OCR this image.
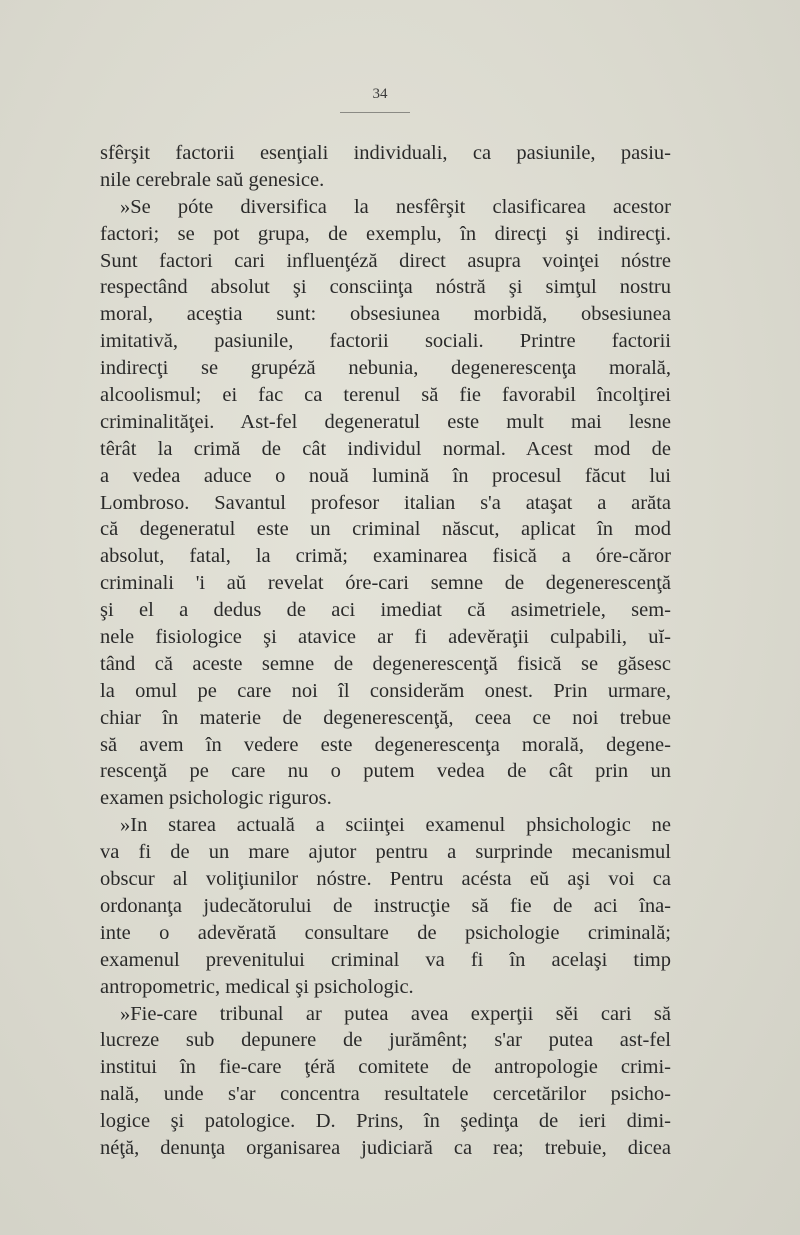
34
sfêrşit factorii esenţiali individuali, ca pasiunile, pasiu-
nile cerebrale saŭ genesice.
»Se póte diversifica la nesfêrşit clasificarea acestor
factori; se pot grupa, de exemplu, în direcţi şi indirecţi.
Sunt factori cari influenţéză direct asupra voinţei nóstre
respectând absolut şi consciinţa nóstră şi simţul nostru
moral, aceştia sunt: obsesiunea morbidă, obsesiunea
imitativă, pasiunile, factorii sociali. Printre factorii
indirecţi se grupéză nebunia, degenerescenţa morală,
alcoolismul; ei fac ca terenul să fie favorabil încolţirei
criminalităţei. Ast-fel degeneratul este mult mai lesne
têrât la crimă de cât individul normal. Acest mod de
a vedea aduce o nouă lumină în procesul făcut lui
Lombroso. Savantul profesor italian s'a ataşat a arăta
că degeneratul este un criminal născut, aplicat în mod
absolut, fatal, la crimă; examinarea fisică a óre-căror
criminali 'i aŭ revelat óre-cari semne de degenerescenţă
şi el a dedus de aci imediat că asimetriele, sem-
nele fisiologice şi atavice ar fi adevĕraţii culpabili, uĭ-
tând că aceste semne de degenerescenţă fisică se găsesc
la omul pe care noi îl considerăm onest. Prin urmare,
chiar în materie de degenerescenţă, ceea ce noi trebue
să avem în vedere este degenerescenţa morală, degene-
rescenţă pe care nu o putem vedea de cât prin un
examen psichologic riguros.
»In starea actuală a sciinţei examenul phsichologic ne
va fi de un mare ajutor pentru a surprinde mecanismul
obscur al voliţiunilor nóstre. Pentru acésta eŭ aşi voi ca
ordonanţa judecătorului de instrucţie să fie de aci îna-
inte o adevĕrată consultare de psichologie criminală;
examenul prevenitului criminal va fi în acelaşi timp
antropometric, medical şi psichologic.
»Fie-care tribunal ar putea avea experţii sĕi cari să
lucreze sub depunere de jurămênt; s'ar putea ast-fel
institui în fie-care ţéră comitete de antropologie crimi-
nală, unde s'ar concentra resultatele cercetărilor psicho-
logice şi patologice. D. Prins, în şedinţa de ieri dimi-
néţă, denunţa organisarea judiciară ca rea; trebuie, dicea
